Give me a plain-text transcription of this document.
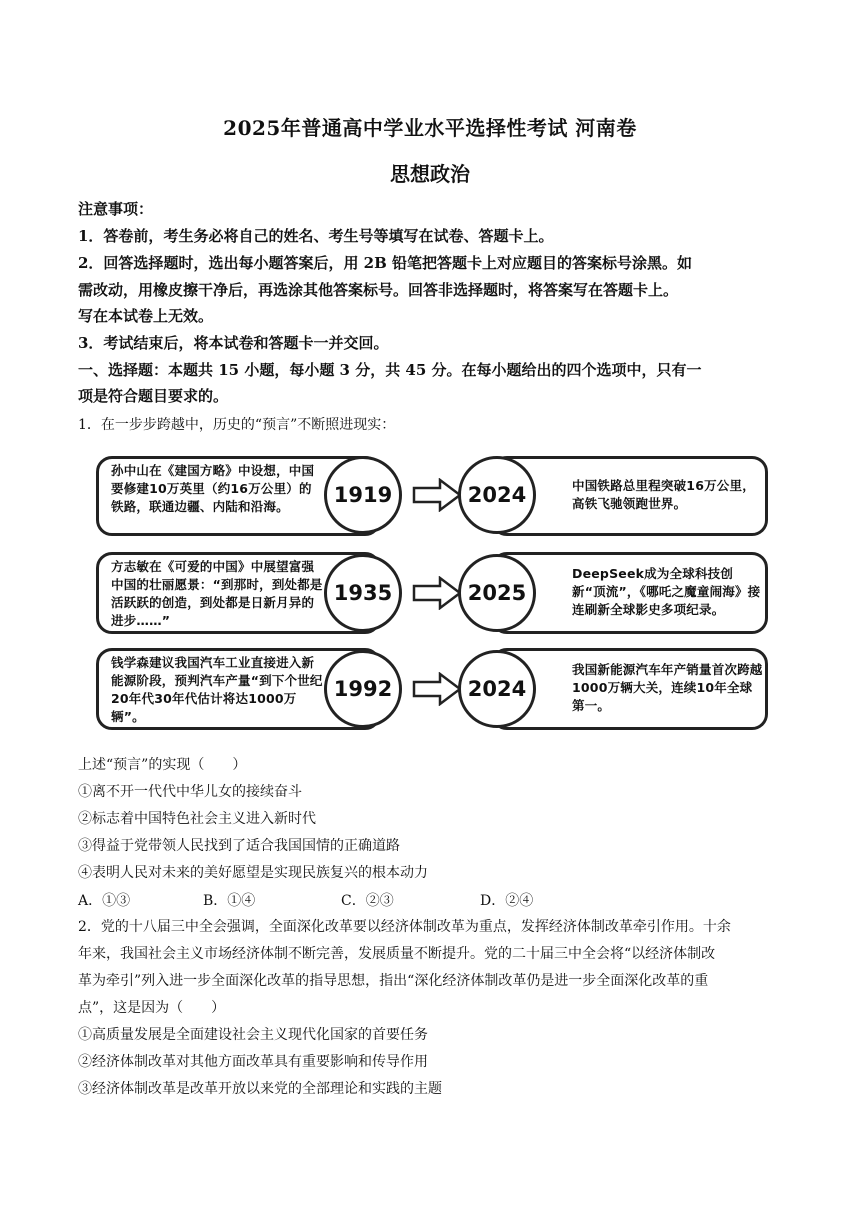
2025年普通高中学业水平选择性考试 河南卷
思想政治
注意事项：
1．答卷前，考生务必将自己的姓名、考生号等填写在试卷、答题卡上。
2．回答选择题时，选出每小题答案后，用 2B 铅笔把答题卡上对应题目的答案标号涂黑。如
需改动，用橡皮擦干净后，再选涂其他答案标号。回答非选择题时，将答案写在答题卡上。
写在本试卷上无效。
3．考试结束后，将本试卷和答题卡一并交回。
一、选择题：本题共 15 小题，每小题 3 分，共 45 分。在每小题给出的四个选项中，只有一
项是符合题目要求的。
1．在一步步跨越中，历史的“预言”不断照进现实：
孙中山在《建国方略》中设想，中国要修建10万英里（约16万公里）的铁路，联通边疆、内陆和沿海。	1919	中国铁路总里程突破16万公里，高铁飞驰领跑世界。
2024
方志敏在《可爱的中国》中展望富强中国的壮丽愿景：“到那时，到处都是活跃跃的创造，到处都是日新月异的进步……”
1935
DeepSeek成为全球科技创新“顶流”，《哪吒之魔童闹海》接连刷新全球影史多项纪录。
2025
钱学森建议我国汽车工业直接进入新能源阶段，预判汽车产量“到下个世纪20年代30年代估计将达1000万辆”。
1992
我国新能源汽车年产销量首次跨越1000万辆大关，连续10年全球第一。
2024
上述“预言”的实现（　　）
①离不开一代代中华儿女的接续奋斗
②标志着中国特色社会主义进入新时代
③得益于党带领人民找到了适合我国国情的正确道路
④表明人民对未来的美好愿望是实现民族复兴的根本动力
A．①③	B．①④	C．②③	D．②④
2．党的十八届三中全会强调，全面深化改革要以经济体制改革为重点，发挥经济体制改革牵引作用。十余
年来，我国社会主义市场经济体制不断完善，发展质量不断提升。党的二十届三中全会将“以经济体制改
革为牵引”列入进一步全面深化改革的指导思想，指出“深化经济体制改革仍是进一步全面深化改革的重
点”，这是因为（　　）
①高质量发展是全面建设社会主义现代化国家的首要任务
②经济体制改革对其他方面改革具有重要影响和传导作用
③经济体制改革是改革开放以来党的全部理论和实践的主题
